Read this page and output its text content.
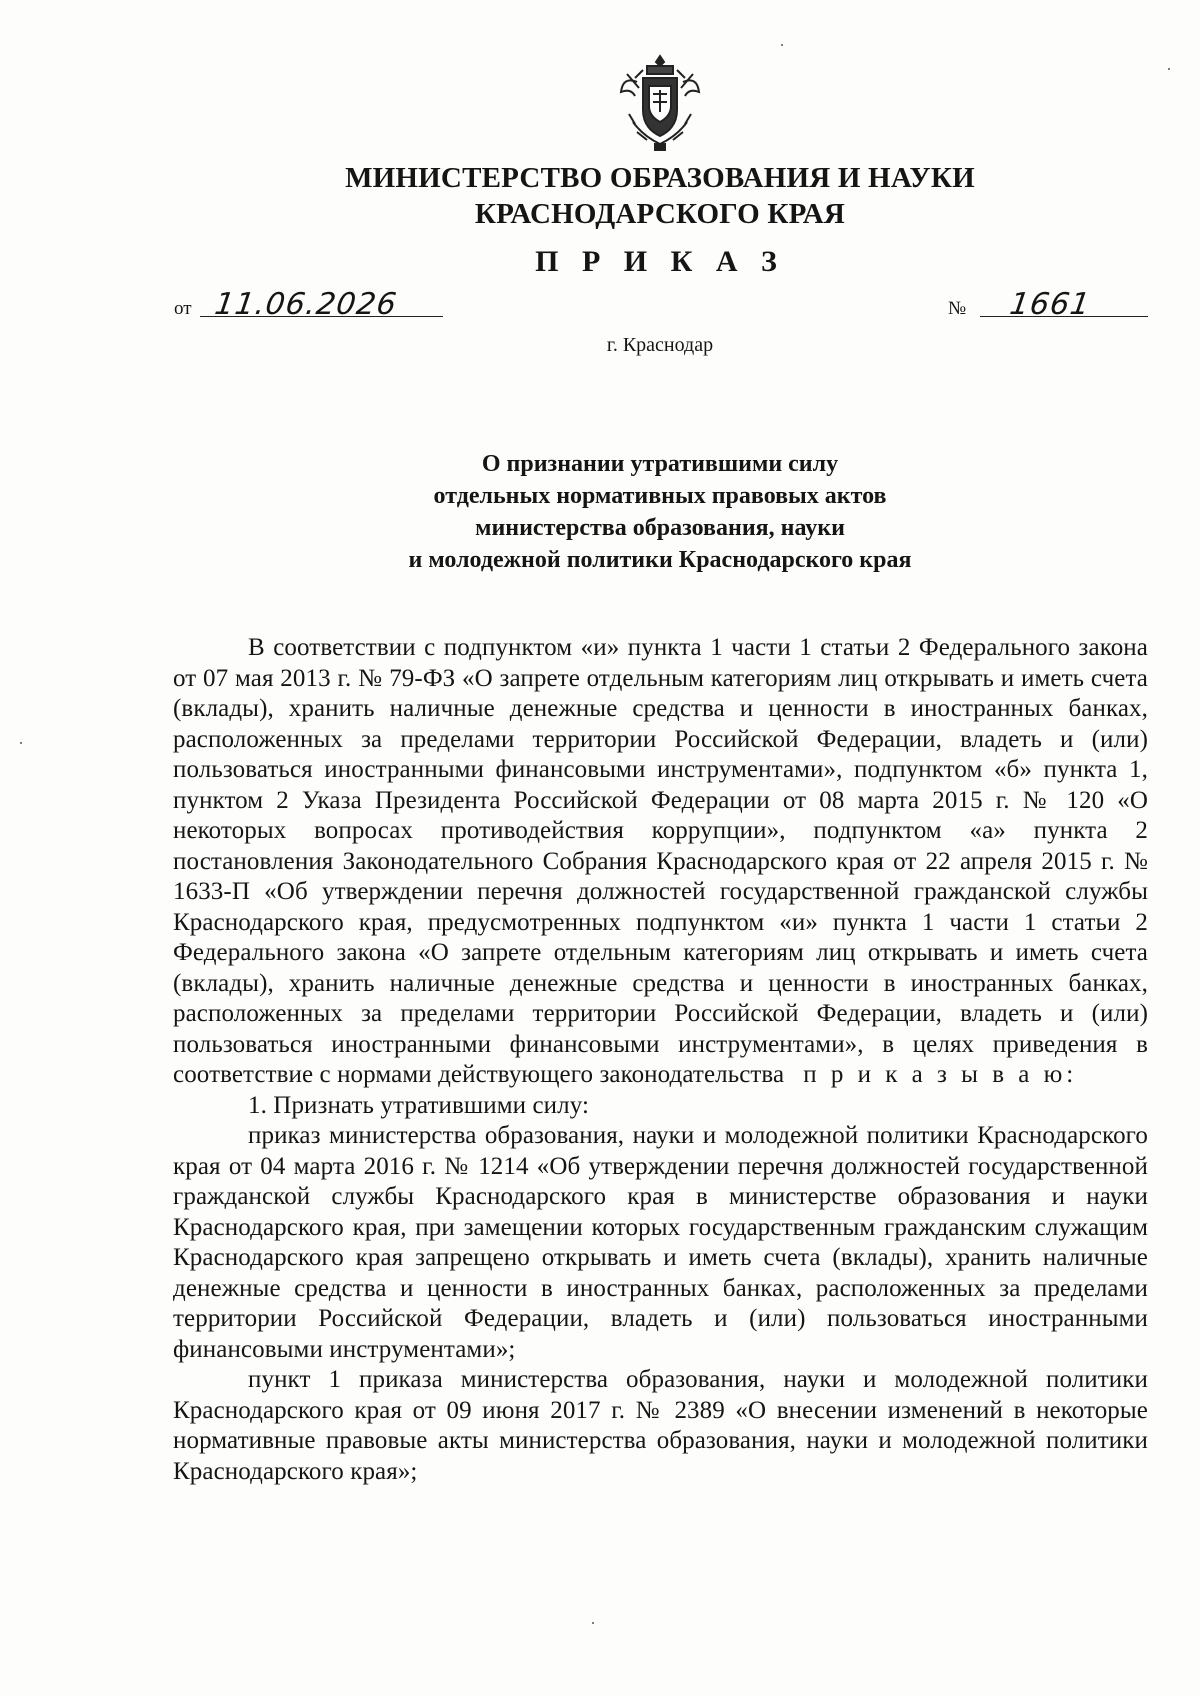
МИНИСТЕРСТВО ОБРАЗОВАНИЯ И НАУКИ
КРАСНОДАРСКОГО КРАЯ
П Р И К А З
от 11.06.2026	№ 1661
г. Краснодар
О признании утратившими силу
отдельных нормативных правовых актов
министерства образования, науки
и молодежной политики Краснодарского края

В соответствии с подпунктом «и» пункта 1 части 1 статьи 2 Федерального закона от 07 мая 2013 г. № 79-ФЗ «О запрете отдельным категориям лиц открывать и иметь счета (вклады), хранить наличные денежные средства и ценности в иностранных банках, расположенных за пределами территории Российской Федерации, владеть и (или) пользоваться иностранными финансовыми инструментами», подпунктом «б» пункта 1, пунктом 2 Указа Президента Российской Федерации от 08 марта 2015 г. № 120 «О некоторых вопросах противодействия коррупции», подпунктом «а» пункта 2 постановления Законодательного Собрания Краснодарского края от 22 апреля 2015 г. № 1633-П «Об утверждении перечня должностей государственной гражданской службы Краснодарского края, предусмотренных подпунктом «и» пункта 1 части 1 статьи 2 Федерального закона «О запрете отдельным категориям лиц открывать и иметь счета (вклады), хранить наличные денежные средства и ценности в иностранных банках, расположенных за пределами территории Российской Федерации, владеть и (или) пользоваться иностранными финансовыми инструментами», в целях приведения в соответствие с нормами действующего законодательства п р и к а з ы в а ю:

1. Признать утратившими силу:

приказ министерства образования, науки и молодежной политики Краснодарского края от 04 марта 2016 г. № 1214 «Об утверждении перечня должностей государственной гражданской службы Краснодарского края в министерстве образования и науки Краснодарского края, при замещении которых государственным гражданским служащим Краснодарского края запрещено открывать и иметь счета (вклады), хранить наличные денежные средства и ценности в иностранных банках, расположенных за пределами территории Российской Федерации, владеть и (или) пользоваться иностранными финансовыми инструментами»;

пункт 1 приказа министерства образования, науки и молодежной политики Краснодарского края от 09 июня 2017 г. № 2389 «О внесении изменений в некоторые нормативные правовые акты министерства образования, науки и молодежной политики Краснодарского края»;
